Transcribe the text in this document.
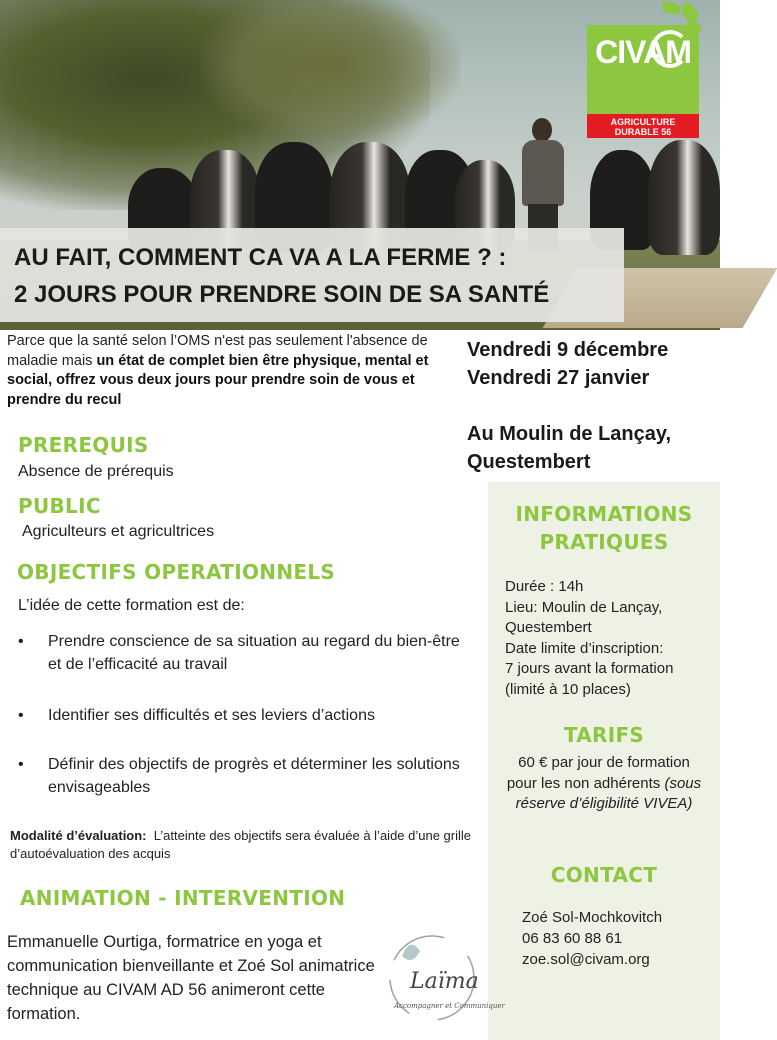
CIVAM
AGRICULTURE
DURABLE 56
AU FAIT, COMMENT CA VA A LA FERME ? :
2 JOURS POUR PRENDRE SOIN DE SA SANTÉ
Parce que la santé selon l’OMS n'est pas seulement l'absence de maladie mais un état de complet bien être physique, mental et social, offrez vous deux jours pour prendre soin de vous et prendre du recul
Vendredi 9 décembre
Vendredi 27 janvier
Au Moulin de Lançay,
Questembert
PREREQUIS
Absence de prérequis
PUBLIC
Agriculteurs et agricultrices
OBJECTIFS OPERATIONNELS
L’idée de cette formation est de:
• Prendre conscience de sa situation au regard du bien-être et de l’efficacité au travail
• Identifier ses difficultés et ses leviers d’actions
• Définir des objectifs de progrès et déterminer les solutions envisageables
Modalité d’évaluation: L’atteinte des objectifs sera évaluée à l’aide d’une grille d’autoévaluation des acquis
ANIMATION - INTERVENTION
Emmanuelle Ourtiga, formatrice en yoga et communication bienveillante et Zoé Sol animatrice technique au CIVAM AD 56 animeront cette formation.
Laïma
Accompagner et Communiquer
INFORMATIONS
PRATIQUES
Durée : 14h
Lieu: Moulin de Lançay,
Questembert
Date limite d’inscription:
7 jours avant la formation
(limité à 10 places)
TARIFS
60 € par jour de formation
pour les non adhérents (sous
réserve d’éligibilité VIVEA)
CONTACT
Zoé Sol-Mochkovitch
06 83 60 88 61
zoe.sol@civam.org
